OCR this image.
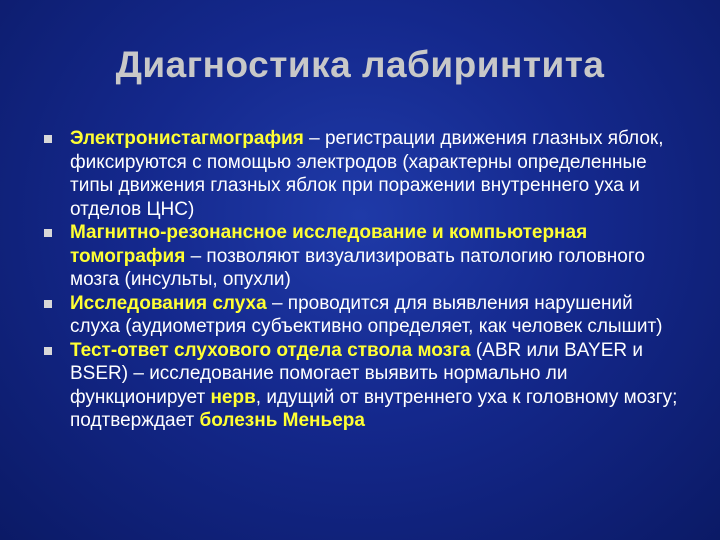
Диагностика лабиринтита
Электронистагмография – регистрации движения глазных яблок, фиксируются с помощью электродов (характерны определенные типы движения глазных яблок при поражении внутреннего уха и отделов ЦНС)
Магнитно-резонансное исследование и компьютерная томография – позволяют визуализировать патологию головного мозга (инсульты, опухли)
Исследования слуха – проводится для выявления нарушений слуха (аудиометрия субъективно определяет, как человек слышит)
Тест-ответ слухового отдела ствола мозга (ABR или BAYER и BSER) – исследование помогает выявить нормально ли функционирует нерв, идущий от внутреннего уха к головному мозгу; подтверждает болезнь Меньера
